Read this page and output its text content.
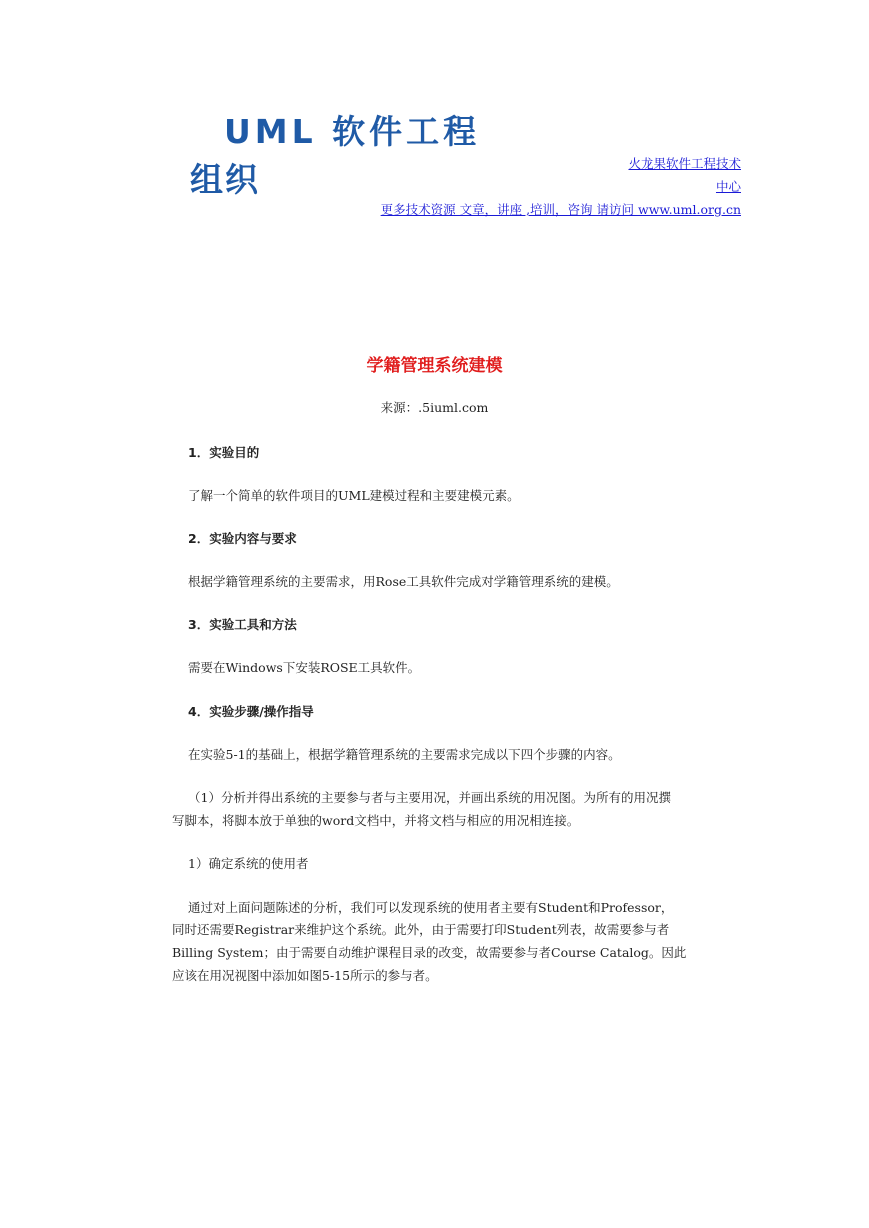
UML 软件工程
组织	火龙果软件工程技术
中心
更多技术资源 文章，讲座 ,培训，咨询 请访问 www.uml.org.cn
学籍管理系统建模
来源：.5iuml.com
1．实验目的
了解一个简单的软件项目的UML建模过程和主要建模元素。
2．实验内容与要求
根据学籍管理系统的主要需求，用Rose工具软件完成对学籍管理系统的建模。
3．实验工具和方法
需要在Windows下安装ROSE工具软件。
4．实验步骤/操作指导
在实验5-1的基础上，根据学籍管理系统的主要需求完成以下四个步骤的内容。
（1）分析并得出系统的主要参与者与主要用况，并画出系统的用况图。为所有的用况撰
写脚本，将脚本放于单独的word文档中，并将文档与相应的用况相连接。
1）确定系统的使用者
通过对上面问题陈述的分析，我们可以发现系统的使用者主要有Student和Professor，
同时还需要Registrar来维护这个系统。此外，由于需要打印Student列表，故需要参与者
Billing System；由于需要自动维护课程目录的改变，故需要参与者Course Catalog。因此
应该在用况视图中添加如图5-15所示的参与者。
